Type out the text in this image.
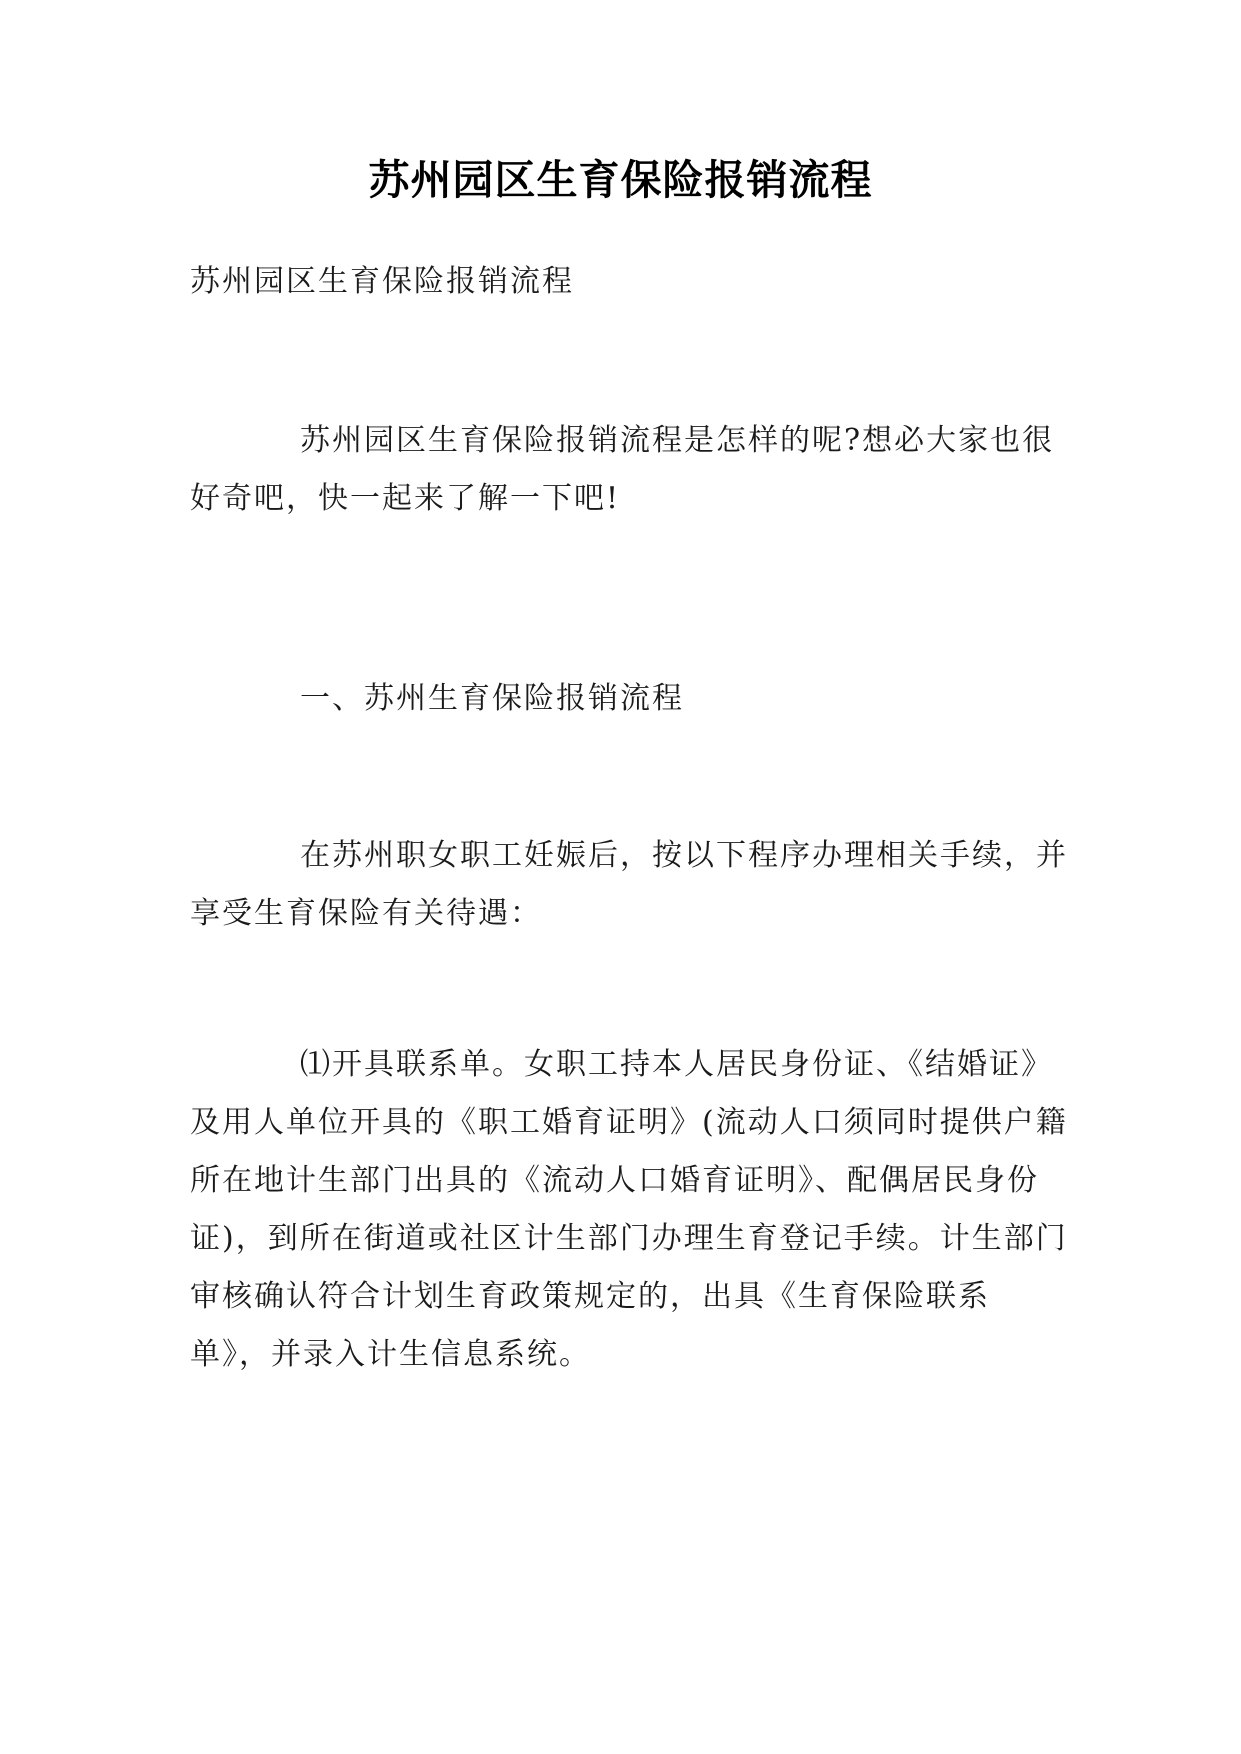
苏州园区生育保险报销流程

苏州园区生育保险报销流程

苏州园区生育保险报销流程是怎样的呢?想必大家也很好奇吧，快一起来了解一下吧!

一、苏州生育保险报销流程

在苏州职女职工妊娠后，按以下程序办理相关手续，并享受生育保险有关待遇：

⑴开具联系单。女职工持本人居民身份证、《结婚证》及用人单位开具的《职工婚育证明》(流动人口须同时提供户籍所在地计生部门出具的《流动人口婚育证明》、配偶居民身份证)，到所在街道或社区计生部门办理生育登记手续。计生部门审核确认符合计划生育政策规定的，出具《生育保险联系单》，并录入计生信息系统。
